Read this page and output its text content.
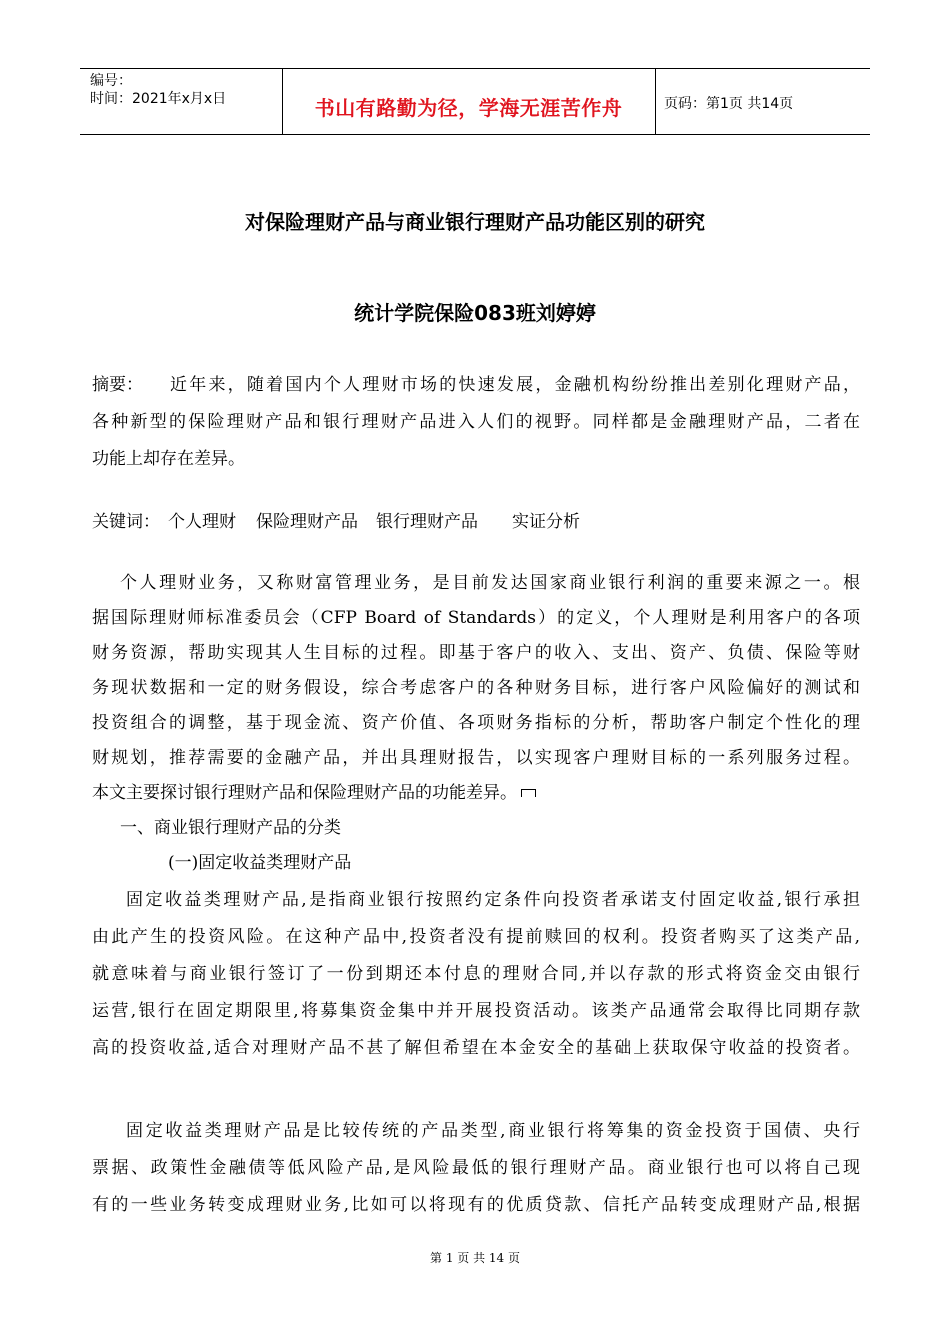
编号：
时间：2021年x月x日	书山有路勤为径，学海无涯苦作舟	页码：第1页 共14页
对保险理财产品与商业银行理财产品功能区别的研究
统计学院保险083班刘婷婷
摘要： 近年来，随着国内个人理财市场的快速发展，金融机构纷纷推出差别化理财产品，
各种新型的保险理财产品和银行理财产品进入人们的视野。同样都是金融理财产品，二者在
功能上却存在差异。
关键词： 个人理财 保险理财产品 银行理财产品 实证分析
个人理财业务，又称财富管理业务，是目前发达国家商业银行利润的重要来源之一。根
据国际理财师标准委员会（CFP Board of Standards）的定义，个人理财是利用客户的各项
财务资源，帮助实现其人生目标的过程。即基于客户的收入、支出、资产、负债、保险等财
务现状数据和一定的财务假设，综合考虑客户的各种财务目标，进行客户风险偏好的测试和
投资组合的调整，基于现金流、资产价值、各项财务指标的分析，帮助客户制定个性化的理
财规划，推荐需要的金融产品，并出具理财报告，以实现客户理财目标的一系列服务过程。
本文主要探讨银行理财产品和保险理财产品的功能差异。
一、商业银行理财产品的分类
(一)固定收益类理财产品
固定收益类理财产品,是指商业银行按照约定条件向投资者承诺支付固定收益,银行承担
由此产生的投资风险。在这种产品中,投资者没有提前赎回的权利。投资者购买了这类产品,
就意味着与商业银行签订了一份到期还本付息的理财合同,并以存款的形式将资金交由银行
运营,银行在固定期限里,将募集资金集中并开展投资活动。该类产品通常会取得比同期存款
高的投资收益,适合对理财产品不甚了解但希望在本金安全的基础上获取保守收益的投资者。
固定收益类理财产品是比较传统的产品类型,商业银行将筹集的资金投资于国债、央行
票据、政策性金融债等低风险产品,是风险最低的银行理财产品。商业银行也可以将自己现
有的一些业务转变成理财业务,比如可以将现有的优质贷款、信托产品转变成理财产品,根据
第 1 页 共 14 页
